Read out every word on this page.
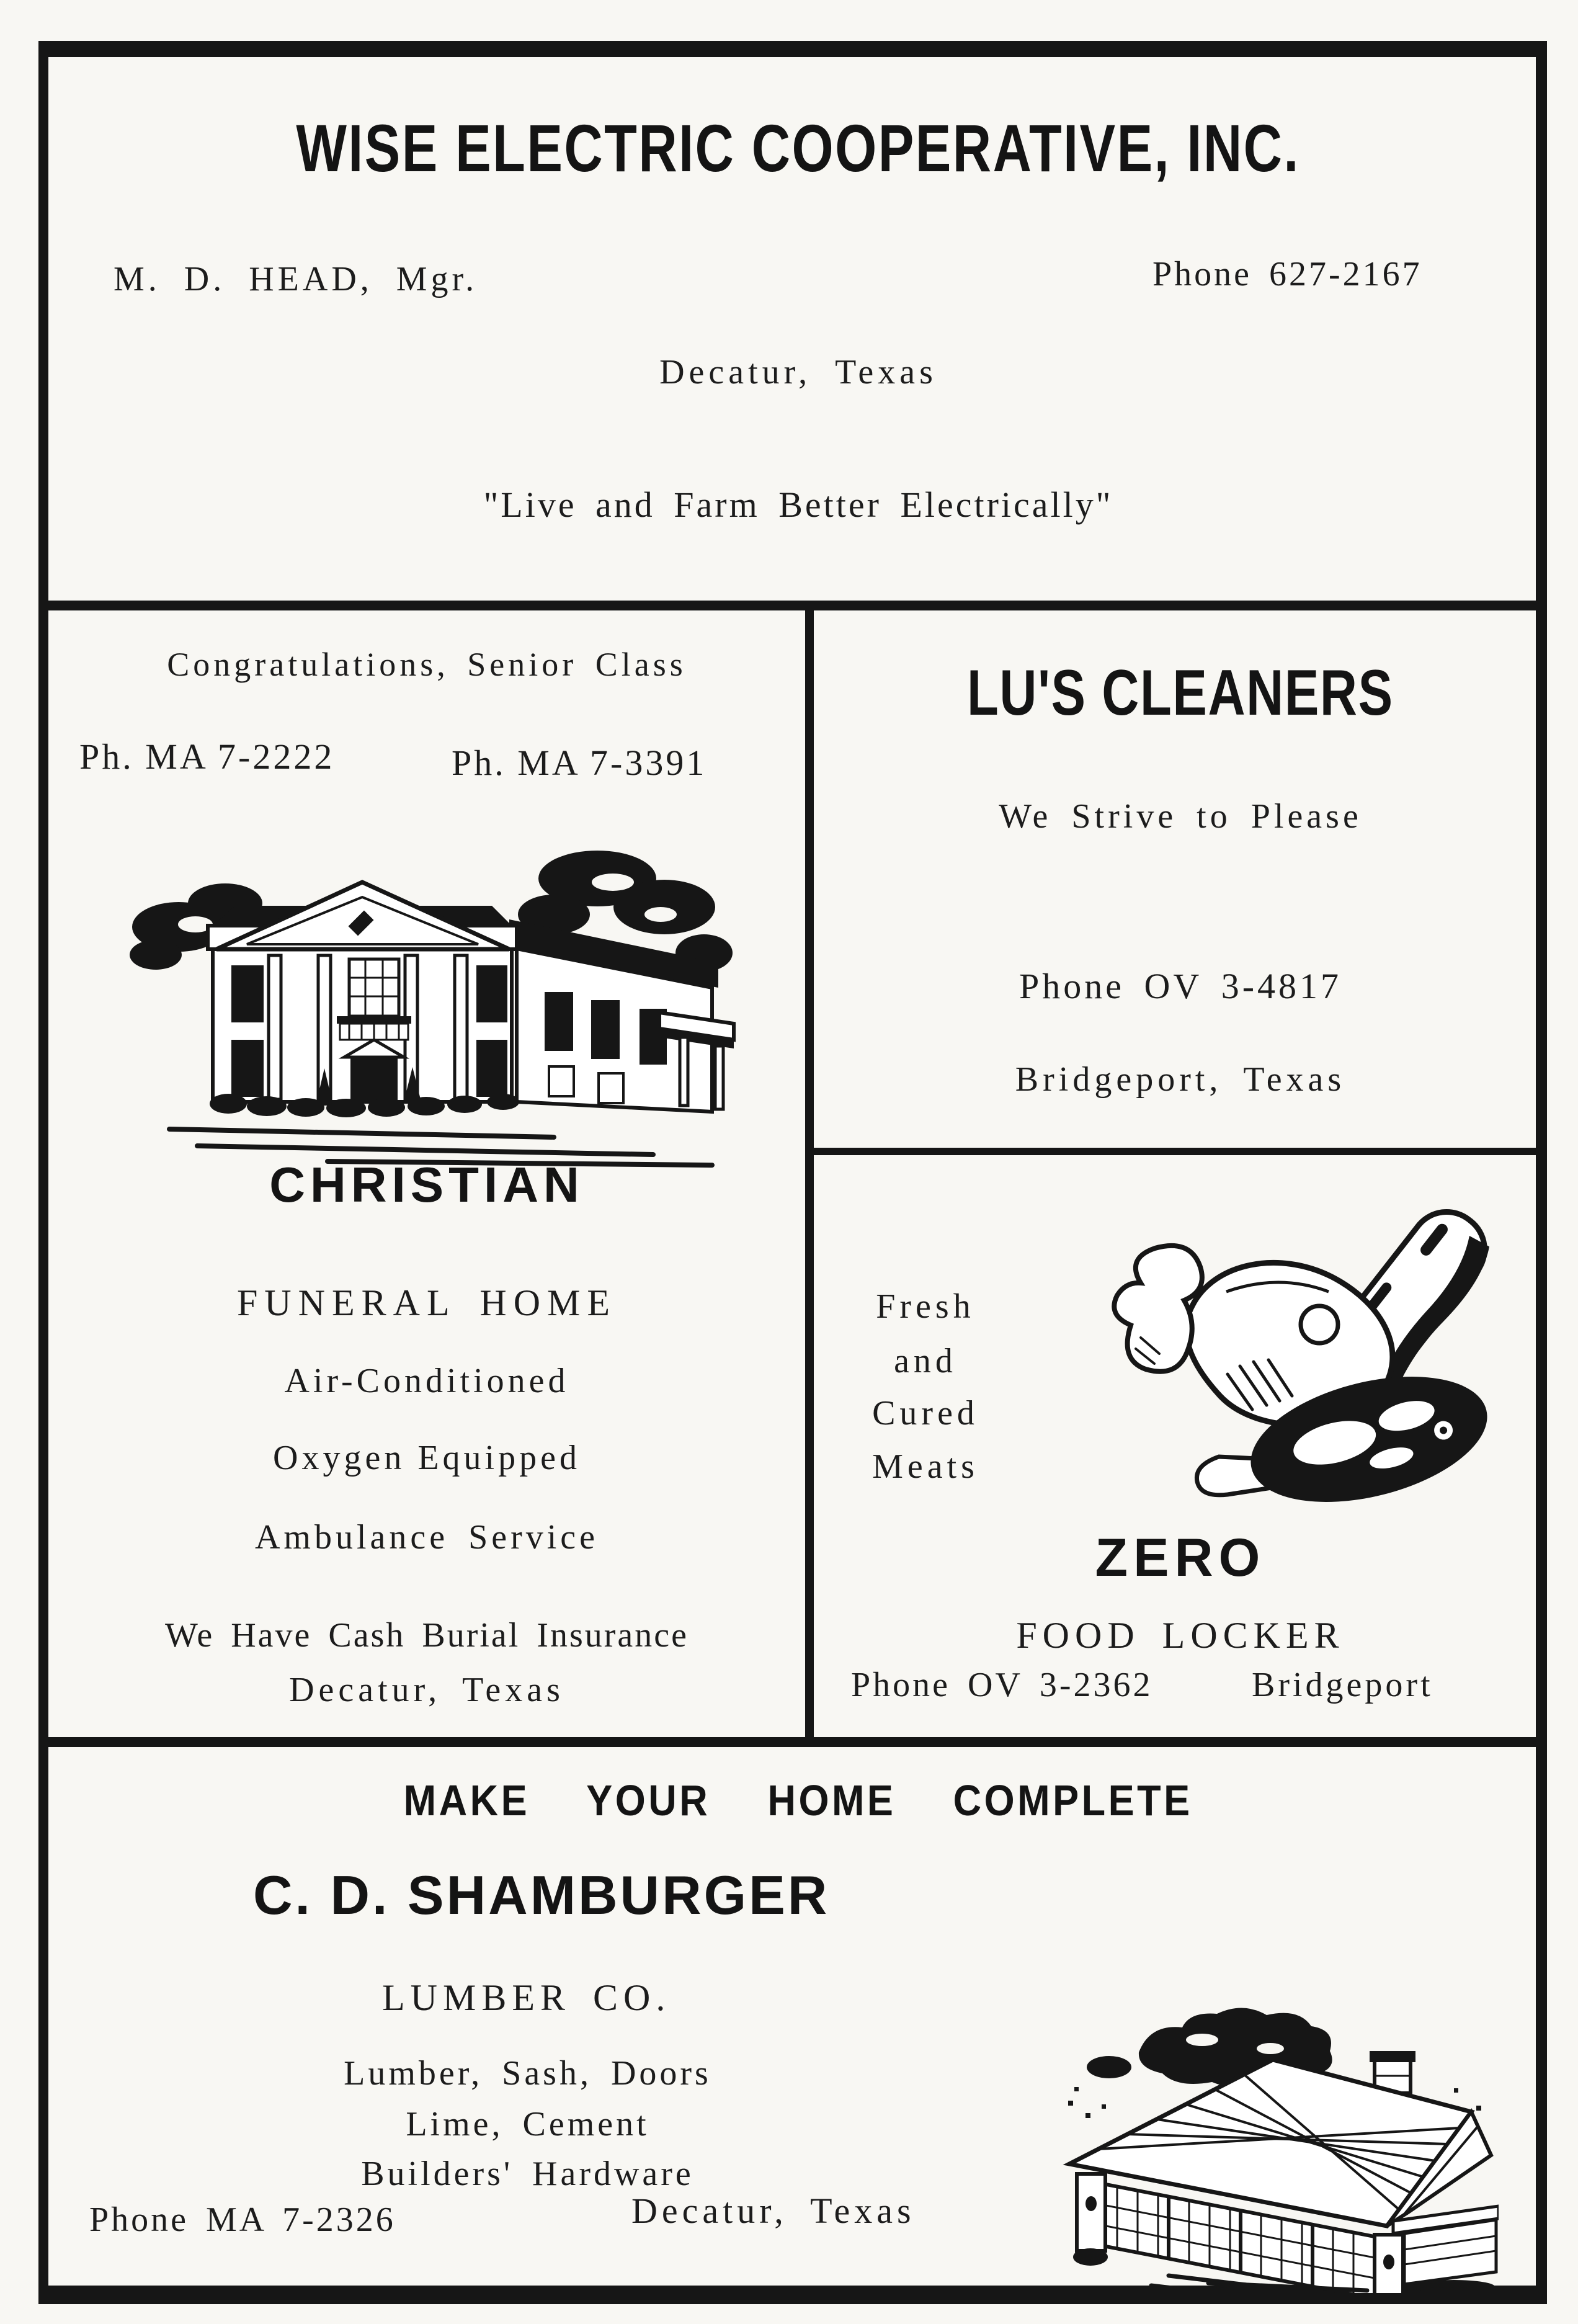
WISE ELECTRIC COOPERATIVE, INC.
M. D. HEAD, Mgr.	Phone 627-2167
Decatur, Texas
"Live and Farm Better Electrically"
Congratulations, Senior Class
Ph. MA 7-2222	Ph. MA 7-3391
CHRISTIAN
FUNERAL HOME
Air-Conditioned
Oxygen Equipped
Ambulance Service
We Have Cash Burial Insurance
Decatur, Texas
LU'S CLEANERS
We Strive to Please
Phone OV 3-4817
Bridgeport, Texas
Fresh
and
Cured
Meats
ZERO
FOOD LOCKER
Phone OV 3-2362	Bridgeport
MAKE YOUR HOME COMPLETE
C. D. SHAMBURGER
LUMBER CO.
Lumber, Sash, Doors
Lime, Cement
Builders' Hardware
Phone MA 7-2326	Decatur, Texas
